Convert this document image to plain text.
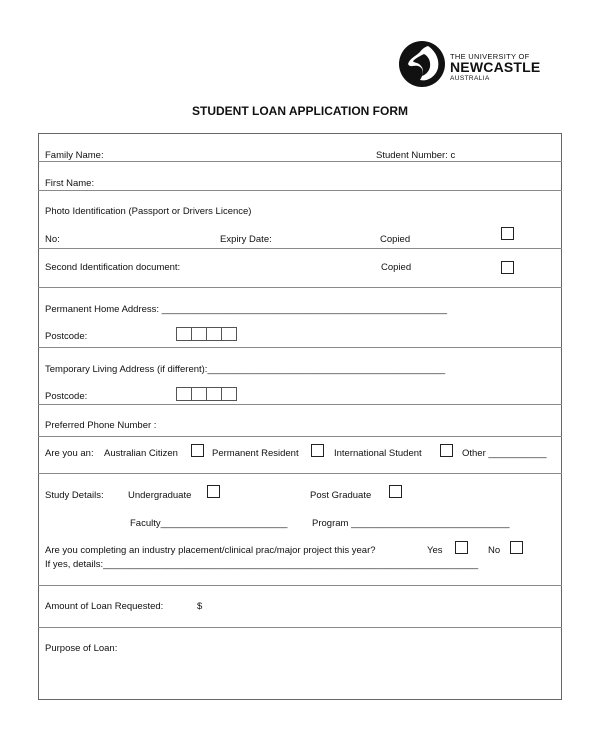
THE UNIVERSITY OF
NEWCASTLE
AUSTRALIA
STUDENT LOAN APPLICATION FORM
Family Name:	Student Number: c
First Name:
Photo Identification (Passport or Drivers Licence)
No:	Expiry Date:	Copied
Second Identification document:	Copied
Permanent Home Address: ______________________________________________________
Postcode:
Temporary Living Address (if different):_____________________________________________
Postcode:
Preferred Phone Number :
Are you an: Australian Citizen	Permanent Resident	International Student	Other ___________
Study Details:	Undergraduate	Post Graduate
Faculty________________________	Program ______________________________
Are you completing an industry placement/clinical prac/major project this year?	Yes	No
If yes, details:_______________________________________________________________________
Amount of Loan Requested:	$
Purpose of Loan:
